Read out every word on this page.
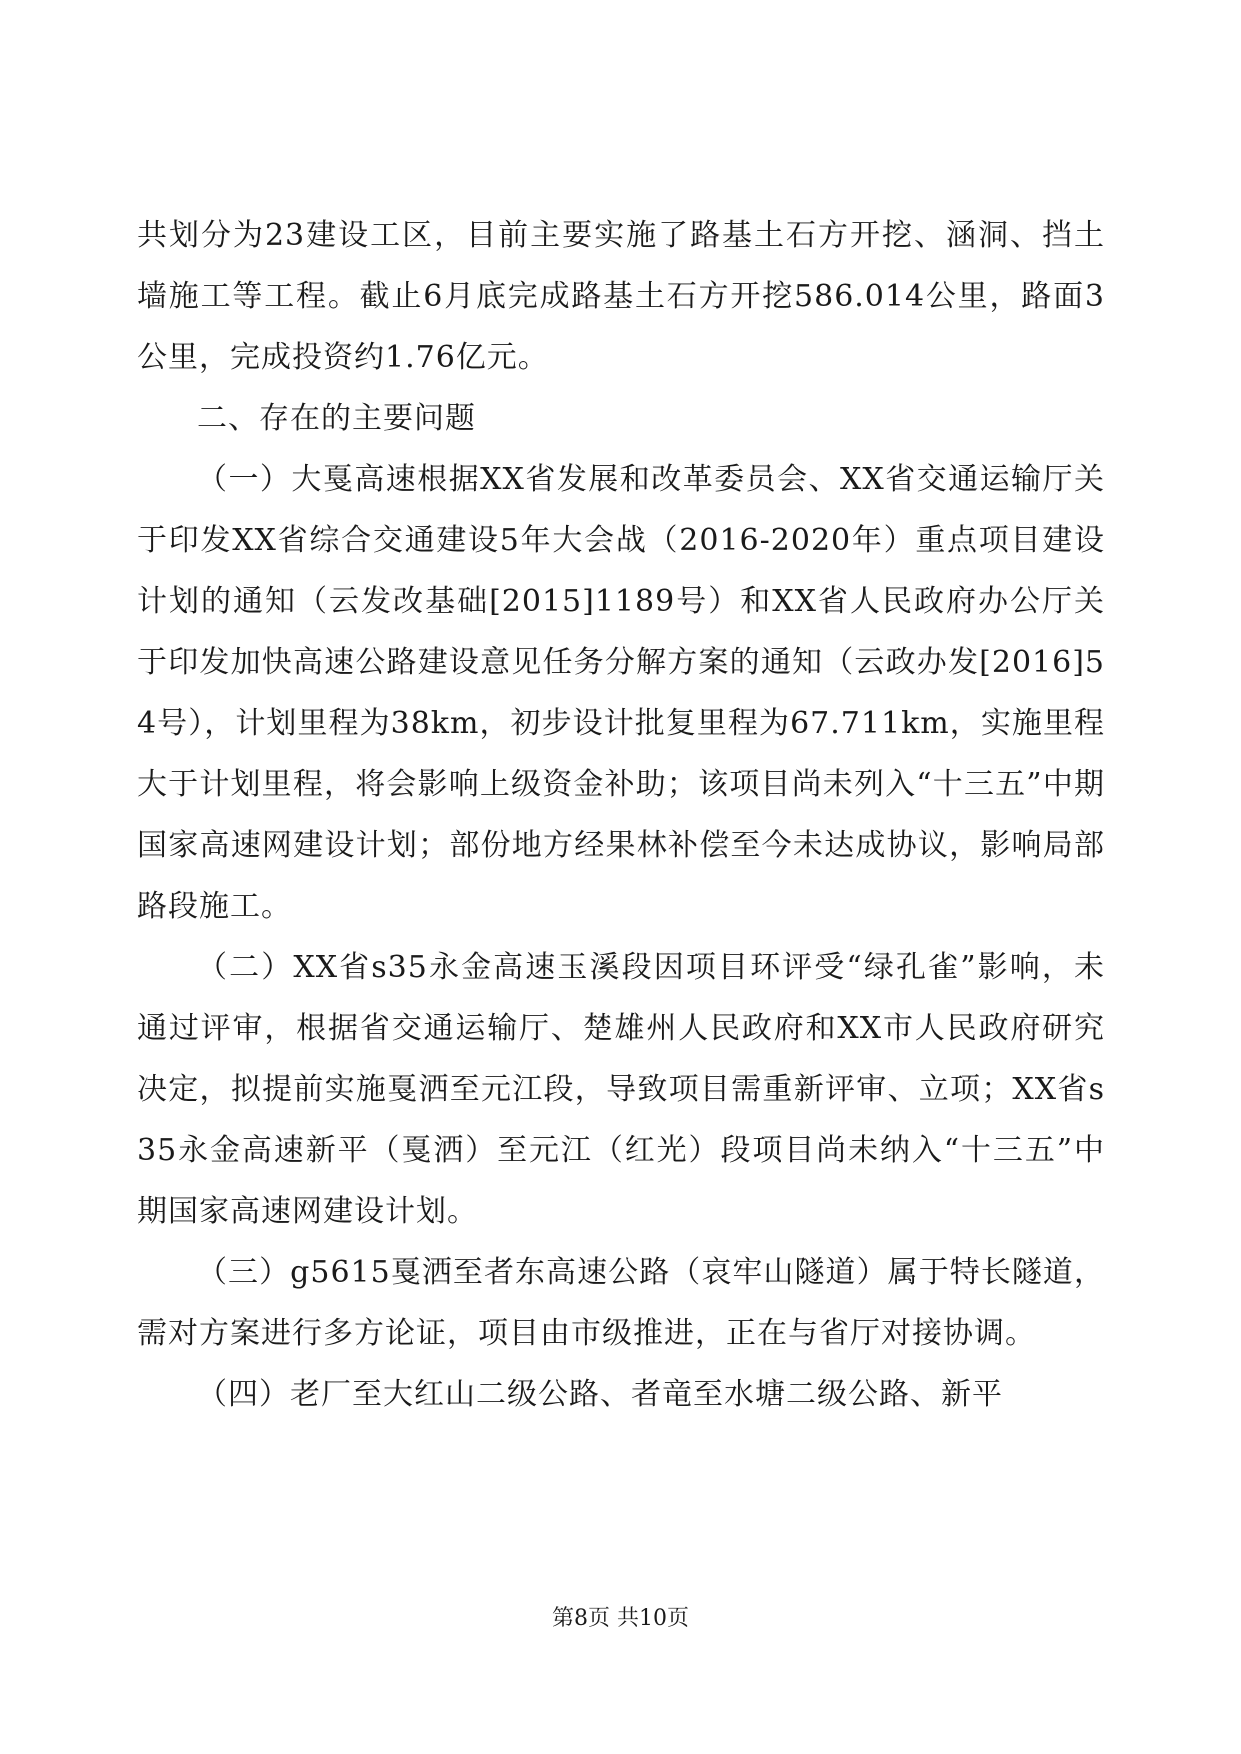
共划分为23建设工区，目前主要实施了路基土石方开挖、涵洞、挡土墙施工等工程。截止6月底完成路基土石方开挖586.014公里，路面3公里，完成投资约1.76亿元。

二、存在的主要问题

（一）大戛高速根据XX省发展和改革委员会、XX省交通运输厅关于印发XX省综合交通建设5年大会战（2016-2020年）重点项目建设计划的通知（云发改基础[2015]1189号）和XX省人民政府办公厅关于印发加快高速公路建设意见任务分解方案的通知（云政办发[2016]54号），计划里程为38km，初步设计批复里程为67.711km，实施里程大于计划里程，将会影响上级资金补助；该项目尚未列入“十三五”中期国家高速网建设计划；部份地方经果林补偿至今未达成协议，影响局部路段施工。

（二）XX省s35永金高速玉溪段因项目环评受“绿孔雀”影响，未通过评审，根据省交通运输厅、楚雄州人民政府和XX市人民政府研究决定，拟提前实施戛洒至元江段，导致项目需重新评审、立项；XX省s35永金高速新平（戛洒）至元江（红光）段项目尚未纳入“十三五”中期国家高速网建设计划。

（三）g5615戛洒至者东高速公路（哀牢山隧道）属于特长隧道，需对方案进行多方论证，项目由市级推进，正在与省厅对接协调。

（四）老厂至大红山二级公路、者竜至水塘二级公路、新平

第8页 共10页
